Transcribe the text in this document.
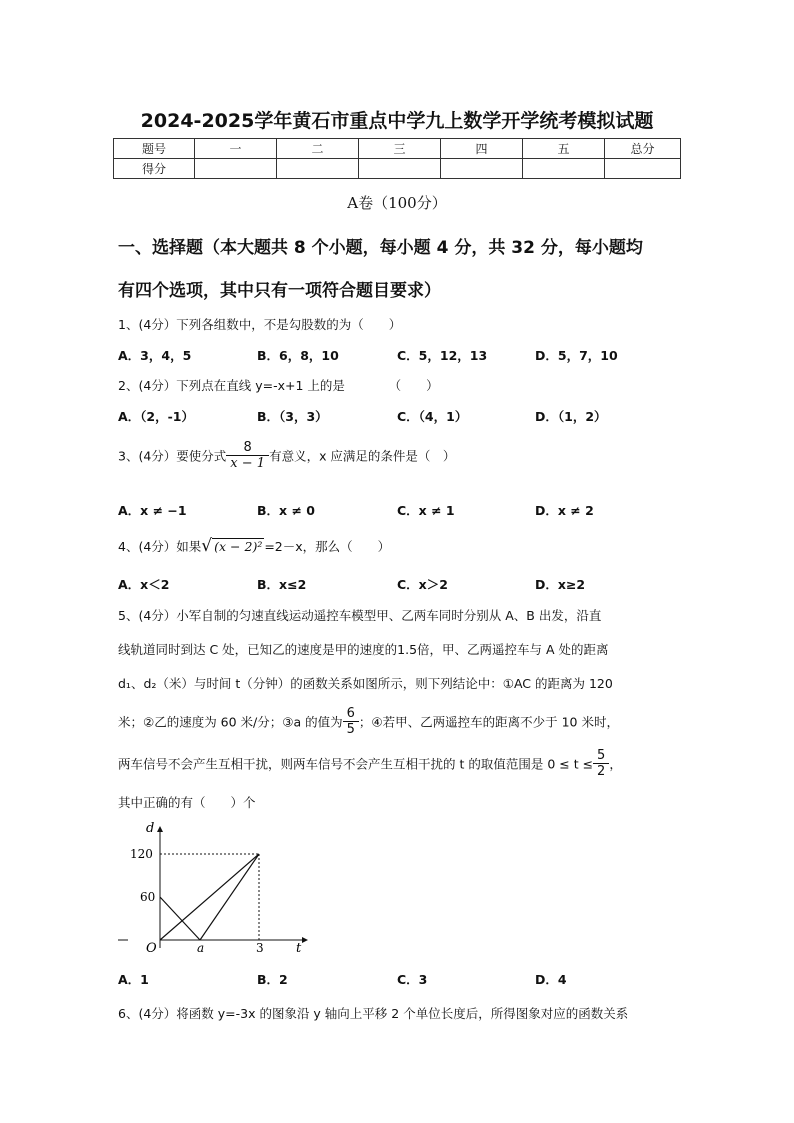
2024-2025学年黄石市重点中学九上数学开学统考模拟试题
题号	一	二	三	四	五	总分
得分						
A卷（100分）
一、选择题（本大题共 8 个小题，每小题 4 分，共 32 分，每小题均
有四个选项，其中只有一项符合题目要求）
1、(4分）下列各组数中，不是勾股数的为（　　）
A．3，4，5	B．6，8，10	C．5，12，13	D．5，7，10
2、(4分）下列点在直线 y=-x+1 上的是　　　　（　　）
A．（2，-1）	B．（3，3）	C．（4，1）	D．（1，2）
3、(4分）要使分式 $\frac{8}{x - 1}$ 有意义，x 应满足的条件是（　）
A．x ≠ −1	B．x ≠ 0	C．x ≠ 1	D．x ≠ 2
4、(4分）如果√ (x − 2)² =2－x，那么（　　）
A．x＜2	B．x≤2	C．x＞2	D．x≥2
5、(4分）小军自制的匀速直线运动遥控车模型甲、乙两车同时分别从 A、B 出发，沿直
线轨道同时到达 C 处，已知乙的速度是甲的速度的1.5倍，甲、乙两遥控车与 A 处的距离
d₁、d₂（米）与时间 t（分钟）的函数关系如图所示，则下列结论中：①AC 的距离为 120
米；②乙的速度为 60 米/分；③a 的值为 $\frac{6}{5}$ ；④若甲、乙两遥控车的距离不少于 10 米时，
两车信号不会产生互相干扰，则两车信号不会产生互相干扰的 t 的取值范围是 $0 \le t \le \frac{5}{2}$ ，
其中正确的有（　　）个
d
t
O
120
60
a	3
A．1	B．2	C．3	D．4
6、(4分）将函数 y=-3x 的图象沿 y 轴向上平移 2 个单位长度后，所得图象对应的函数关系
